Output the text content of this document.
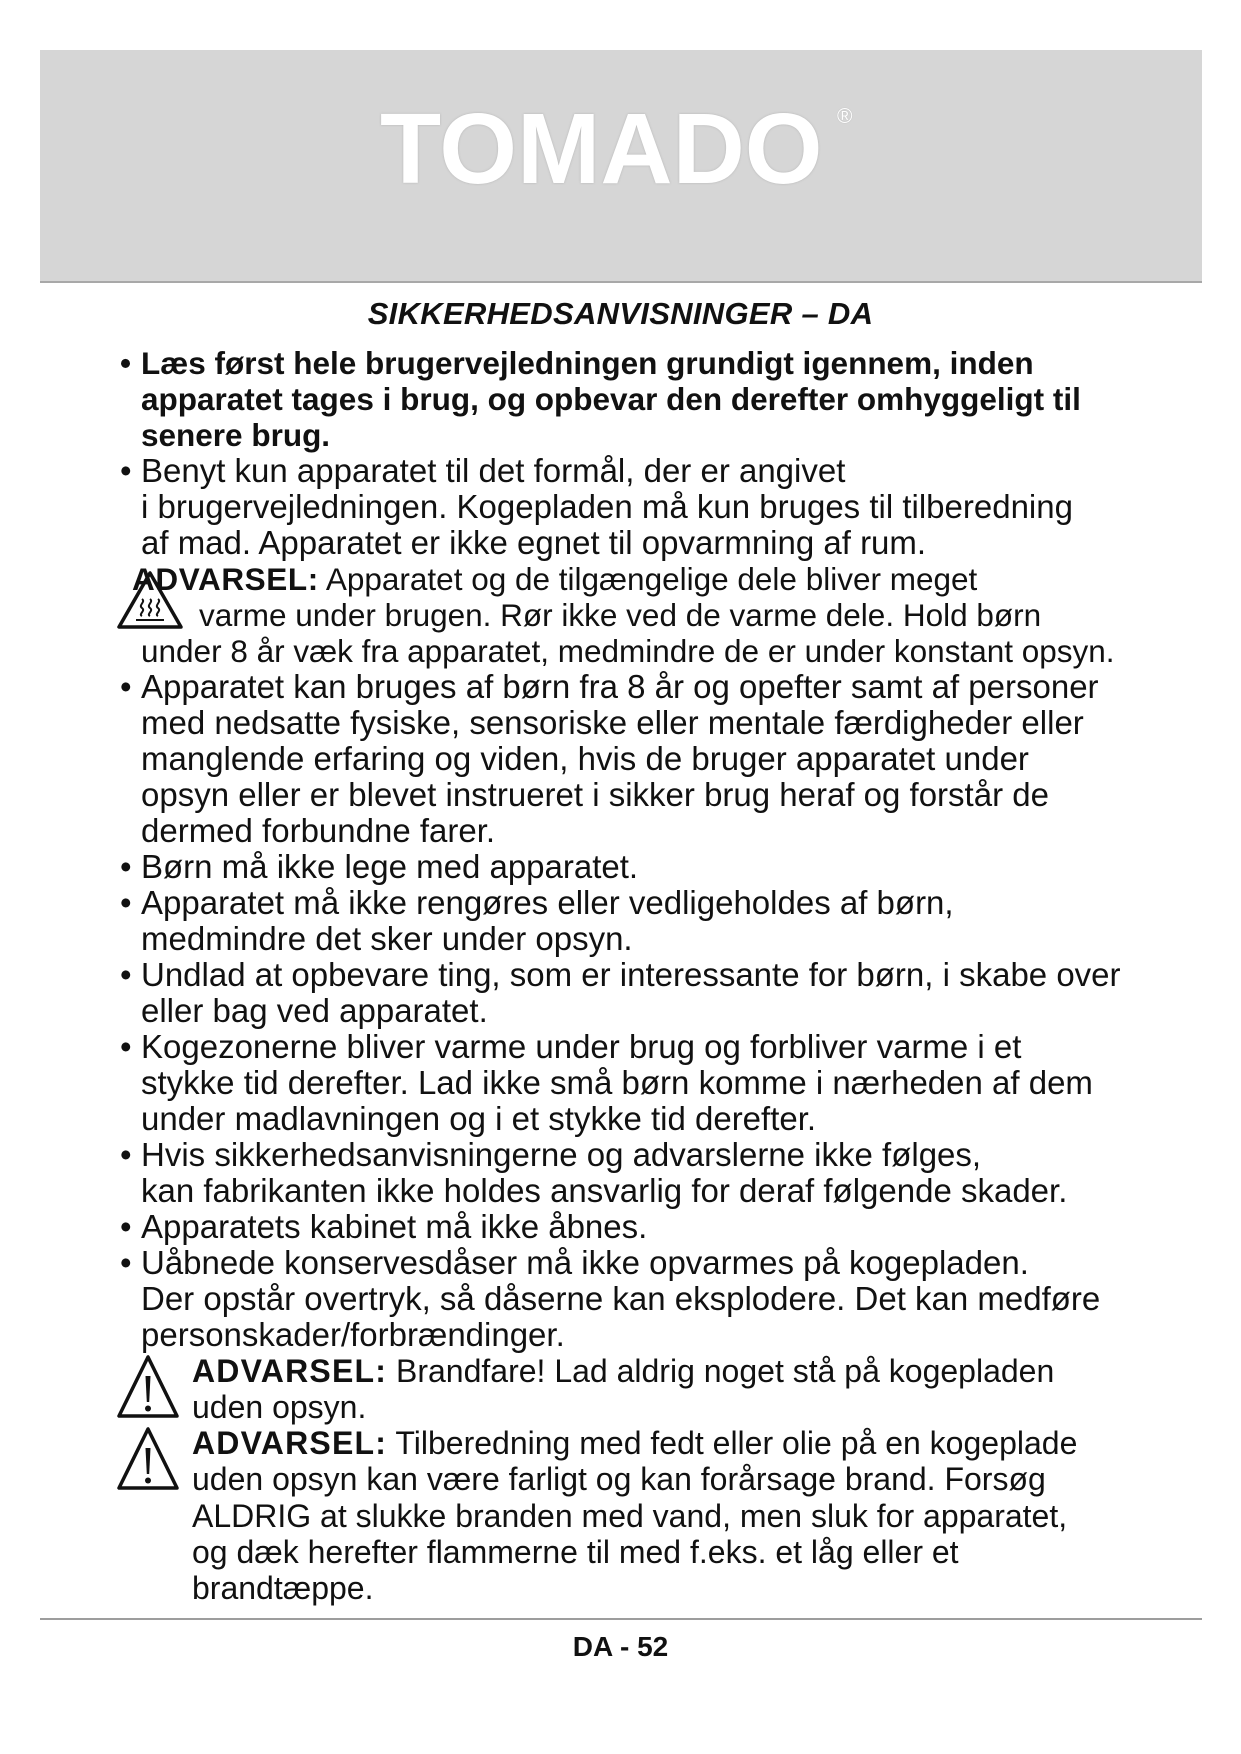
TOMADO ®
SIKKERHEDSANVISNINGER – DA
• Læs først hele brugervejledningen grundigt igennem, inden
apparatet tages i brug, og opbevar den derefter omhyggeligt til
senere brug.
• Benyt kun apparatet til det formål, der er angivet
i brugervejledningen. Kogepladen må kun bruges til tilberedning
af mad. Apparatet er ikke egnet til opvarmning af rum.
ADVARSEL: Apparatet og de tilgængelige dele bliver meget
varme under brugen. Rør ikke ved de varme dele. Hold børn
under 8 år væk fra apparatet, medmindre de er under konstant opsyn.
• Apparatet kan bruges af børn fra 8 år og opefter samt af personer
med nedsatte fysiske, sensoriske eller mentale færdigheder eller
manglende erfaring og viden, hvis de bruger apparatet under
opsyn eller er blevet instrueret i sikker brug heraf og forstår de
dermed forbundne farer.
• Børn må ikke lege med apparatet.
• Apparatet må ikke rengøres eller vedligeholdes af børn,
medmindre det sker under opsyn.
• Undlad at opbevare ting, som er interessante for børn, i skabe over
eller bag ved apparatet.
• Kogezonerne bliver varme under brug og forbliver varme i et
stykke tid derefter. Lad ikke små børn komme i nærheden af dem
under madlavningen og i et stykke tid derefter.
• Hvis sikkerhedsanvisningerne og advarslerne ikke følges,
kan fabrikanten ikke holdes ansvarlig for deraf følgende skader.
• Apparatets kabinet må ikke åbnes.
• Uåbnede konservesdåser må ikke opvarmes på kogepladen.
Der opstår overtryk, så dåserne kan eksplodere. Det kan medføre
personskader/forbrændinger.
ADVARSEL: Brandfare! Lad aldrig noget stå på kogepladen
uden opsyn.
ADVARSEL: Tilberedning med fedt eller olie på en kogeplade
uden opsyn kan være farligt og kan forårsage brand. Forsøg
ALDRIG at slukke branden med vand, men sluk for apparatet,
og dæk herefter flammerne til med f.eks. et låg eller et
brandtæppe.
DA - 52
